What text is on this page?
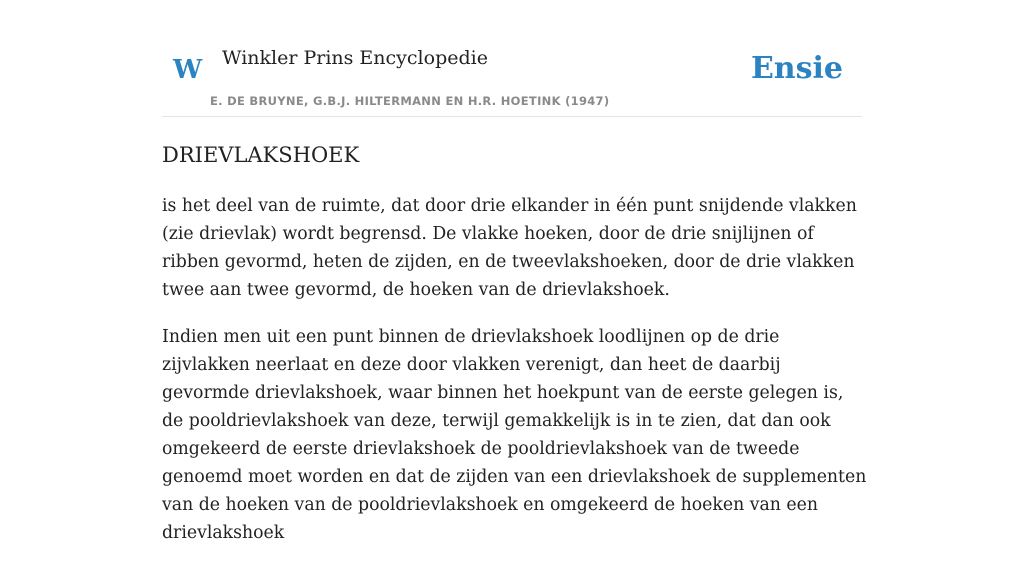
W Winkler Prins Encyclopedie
E. DE BRUYNE, G.B.J. HILTERMANN EN H.R. HOETINK (1947)
Ensie
DRIEVLAKSHOEK

is het deel van de ruimte, dat door drie elkander in één punt snijdende vlakken (zie drievlak) wordt begrensd. De vlakke hoeken, door de drie snijlijnen of ribben gevormd, heten de zijden, en de tweevlakshoeken, door de drie vlakken twee aan twee gevormd, de hoeken van de drievlakshoek.

Indien men uit een punt binnen de drievlakshoek loodlijnen op de drie zijvlakken neerlaat en deze door vlakken verenigt, dan heet de daarbij gevormde drievlakshoek, waar binnen het hoekpunt van de eerste gelegen is, de pooldrievlakshoek van deze, terwijl gemakkelijk is in te zien, dat dan ook omgekeerd de eerste drievlakshoek de pooldrievlakshoek van de tweede genoemd moet worden en dat de zijden van een drievlakshoek de supplementen van de hoeken van de pooldrievlakshoek en omgekeerd de hoeken van een drievlakshoek
